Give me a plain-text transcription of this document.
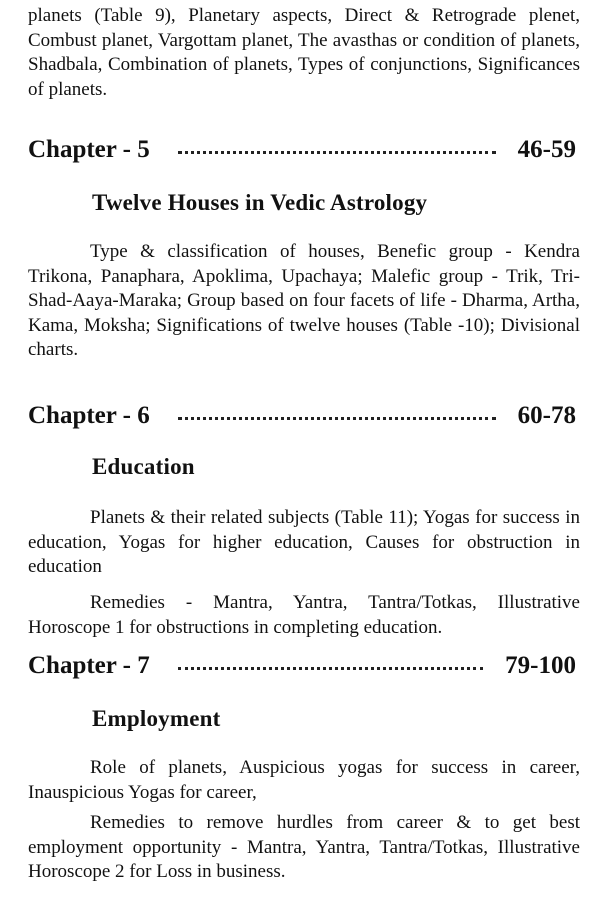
planets (Table 9), Planetary aspects, Direct & Retrograde plenet, Combust planet, Vargottam planet, The avasthas or condition of planets, Shadbala, Combination of planets, Types of conjunctions, Significances of planets.
Chapter - 5	46-59
Twelve Houses in Vedic Astrology
Type & classification of houses, Benefic group - Kendra Trikona, Panaphara, Apoklima, Upachaya; Malefic group - Trik, Tri-Shad-Aaya-Maraka; Group based on four facets of life - Dharma, Artha, Kama, Moksha; Significations of twelve houses (Table -10); Divisional charts.
Chapter - 6	60-78
Education
Planets & their related subjects (Table 11); Yogas for success in education, Yogas for higher education, Causes for obstruction in education
Remedies - Mantra, Yantra, Tantra/Totkas, Illustrative Horoscope 1 for obstructions in completing education.
Chapter - 7	79-100
Employment
Role of planets, Auspicious yogas for success in career, Inauspicious Yogas for career,
Remedies to remove hurdles from career & to get best employment opportunity - Mantra, Yantra, Tantra/Totkas, Illustrative Horoscope 2 for Loss in business.
